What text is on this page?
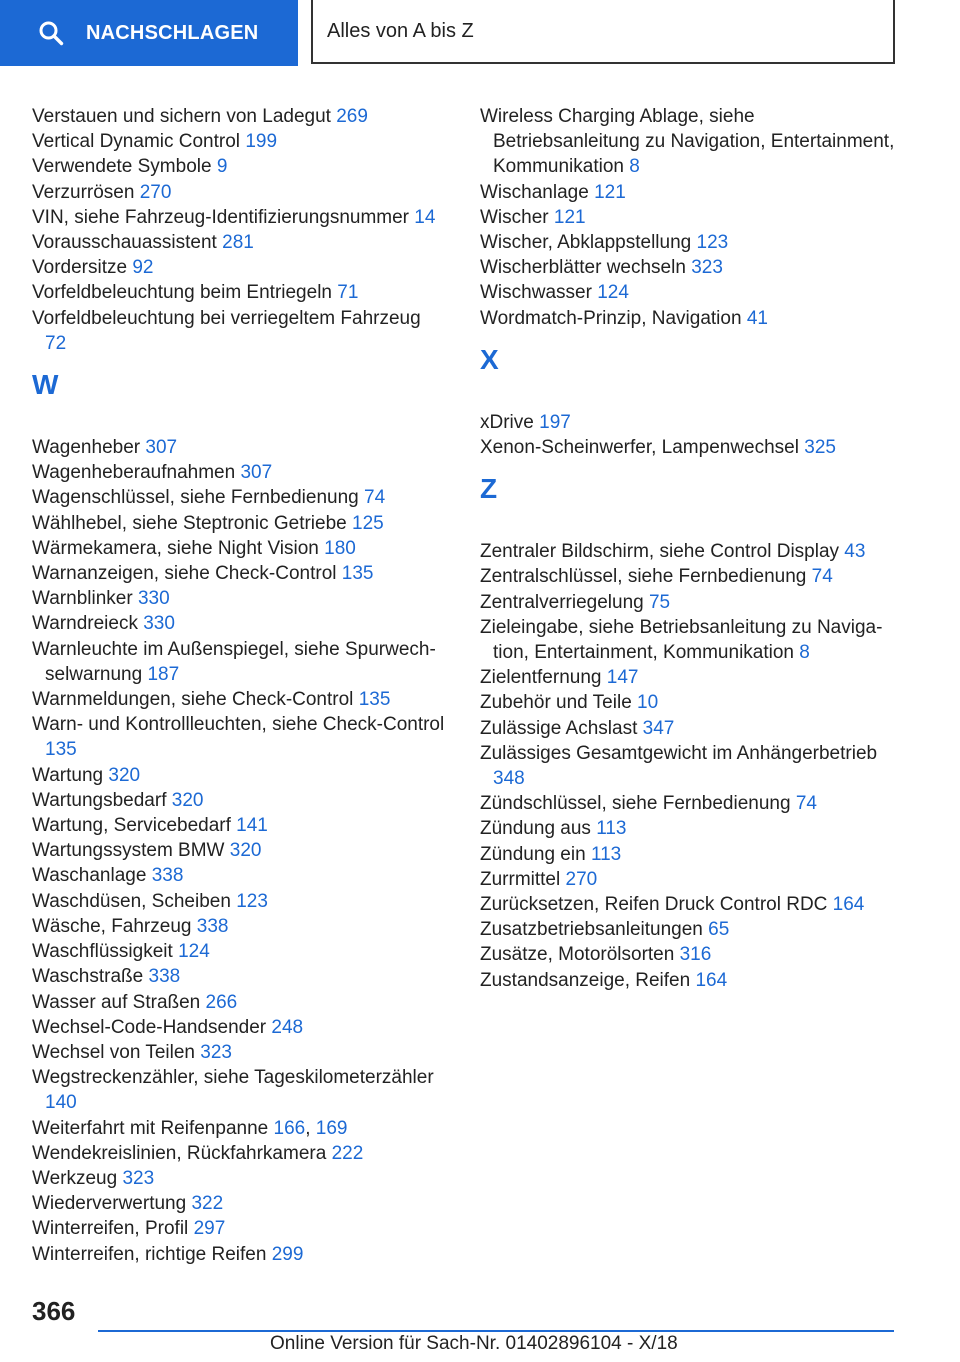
NACHSCHLAGEN	Alles von A bis Z
Verstauen und sichern von Ladegut 269
Vertical Dynamic Control 199
Verwendete Symbole 9
Verzurrösen 270
VIN, siehe Fahrzeug-Identifizierungsnummer 14
Vorausschauassistent 281
Vordersitze 92
Vorfeldbeleuchtung beim Entriegeln 71
Vorfeldbeleuchtung bei verriegeltem Fahrzeug 72
W
Wagenheber 307
Wagenheberaufnahmen 307
Wagenschlüssel, siehe Fernbedienung 74
Wählhebel, siehe Steptronic Getriebe 125
Wärmekamera, siehe Night Vision 180
Warnanzeigen, siehe Check-Control 135
Warnblinker 330
Warndreieck 330
Warnleuchte im Außenspiegel, siehe Spurwechselwarnung 187
Warnmeldungen, siehe Check-Control 135
Warn- und Kontrollleuchten, siehe Check-Control 135
Wartung 320
Wartungsbedarf 320
Wartung, Servicebedarf 141
Wartungssystem BMW 320
Waschanlage 338
Waschdüsen, Scheiben 123
Wäsche, Fahrzeug 338
Waschflüssigkeit 124
Waschstraße 338
Wasser auf Straßen 266
Wechsel-Code-Handsender 248
Wechsel von Teilen 323
Wegstreckenzähler, siehe Tageskilometerzähler 140
Weiterfahrt mit Reifenpanne 166, 169
Wendekreislinien, Rückfahrkamera 222
Werkzeug 323
Wiederverwertung 322
Winterreifen, Profil 297
Winterreifen, richtige Reifen 299
Wireless Charging Ablage, siehe Betriebsanleitung zu Navigation, Entertainment, Kommunikation 8
Wischanlage 121
Wischer 121
Wischer, Abklappstellung 123
Wischerblätter wechseln 323
Wischwasser 124
Wordmatch-Prinzip, Navigation 41
X
xDrive 197
Xenon-Scheinwerfer, Lampenwechsel 325
Z
Zentraler Bildschirm, siehe Control Display 43
Zentralschlüssel, siehe Fernbedienung 74
Zentralverriegelung 75
Zieleingabe, siehe Betriebsanleitung zu Navigation, Entertainment, Kommunikation 8
Zielentfernung 147
Zubehör und Teile 10
Zulässige Achslast 347
Zulässiges Gesamtgewicht im Anhängerbetrieb 348
Zündschlüssel, siehe Fernbedienung 74
Zündung aus 113
Zündung ein 113
Zurrmittel 270
Zurücksetzen, Reifen Druck Control RDC 164
Zusatzbetriebsanleitungen 65
Zusätze, Motorölsorten 316
Zustandsanzeige, Reifen 164
366
Online Version für Sach-Nr. 01402896104 - X/18
